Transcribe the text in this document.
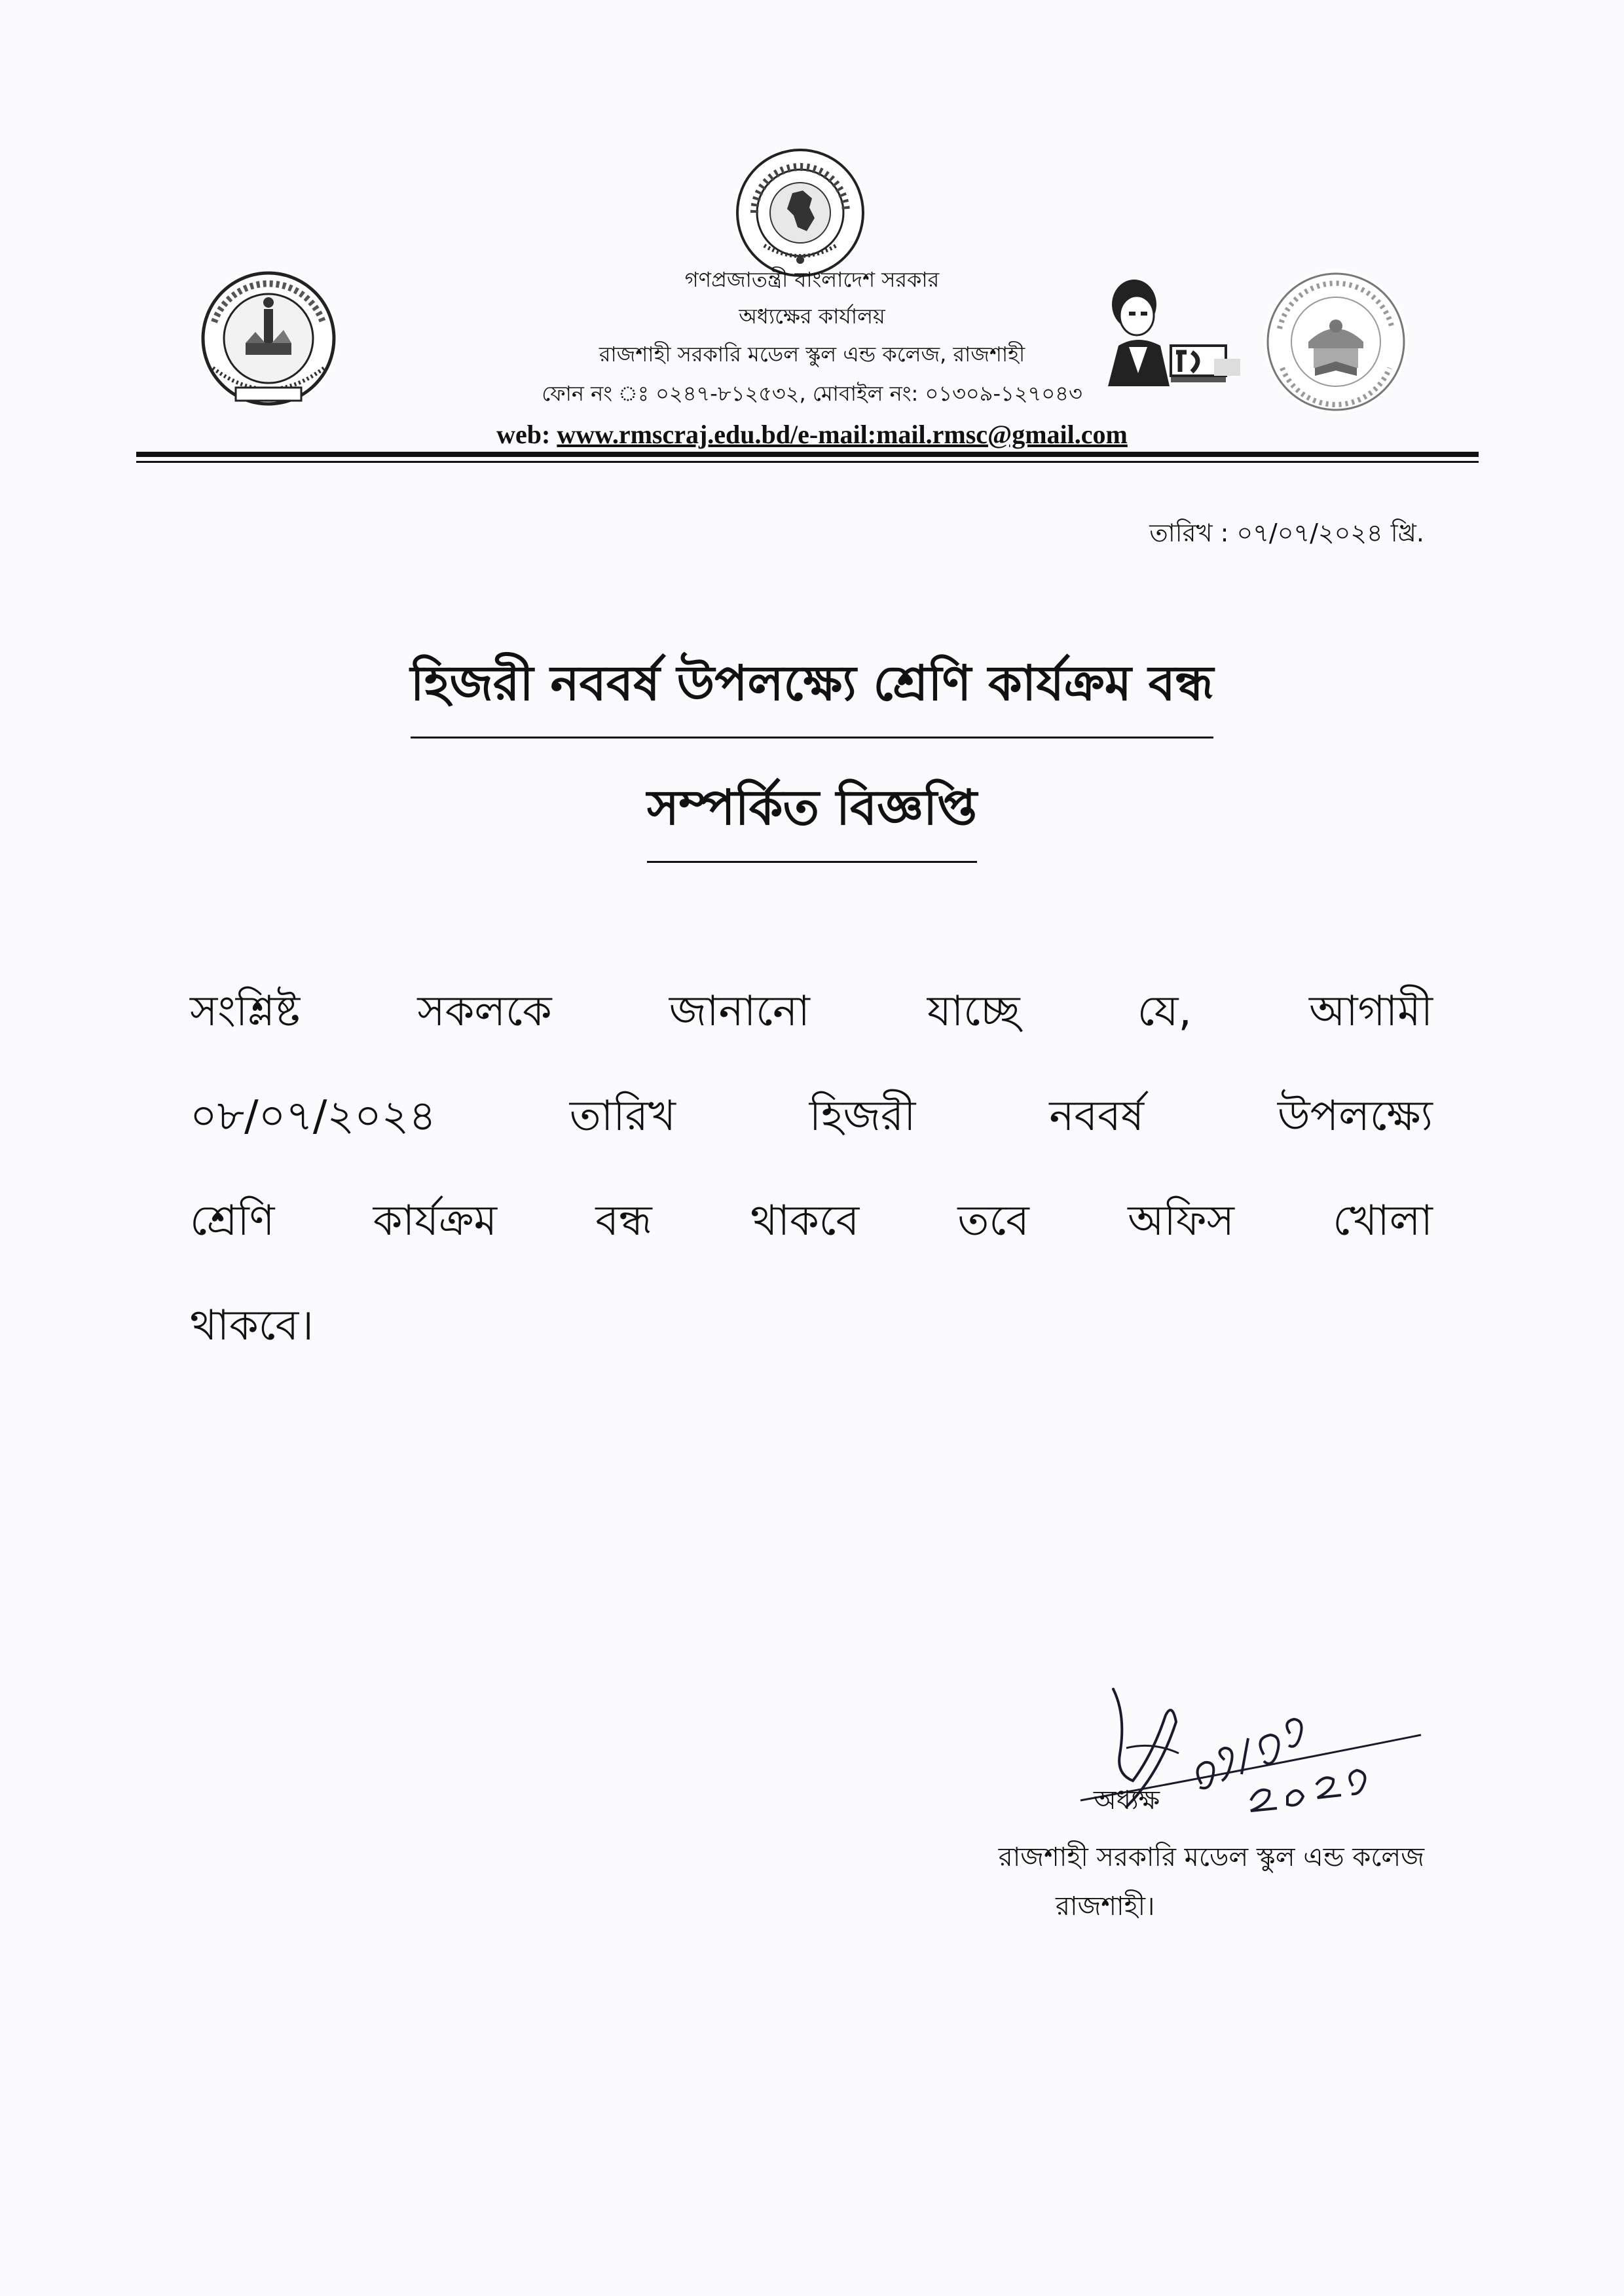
গণপ্রজাতন্ত্রী বাংলাদেশ সরকার
অধ্যক্ষের কার্যালয়
রাজশাহী সরকারি মডেল স্কুল এন্ড কলেজ, রাজশাহী
ফোন নং ঃ ০২৪৭-৮১২৫৩২, মোবাইল নং: ০১৩০৯-১২৭০৪৩
web: www.rmscraj.edu.bd/e-mail:mail.rmsc@gmail.com
তারিখ : ০৭/০৭/২০২৪ খ্রি.
হিজরী নববর্ষ উপলক্ষ্যে শ্রেণি কার্যক্রম বন্ধ
সম্পর্কিত বিজ্ঞপ্তি
সংশ্লিষ্ট সকলকে জানানো যাচ্ছে যে, আগামী
০৮/০৭/২০২৪ তারিখ হিজরী নববর্ষ উপলক্ষ্যে
শ্রেণি কার্যক্রম বন্ধ থাকবে তবে অফিস খোলা
থাকবে।
অধ্যক্ষ
রাজশাহী সরকারি মডেল স্কুল এন্ড কলেজ
রাজশাহী।
